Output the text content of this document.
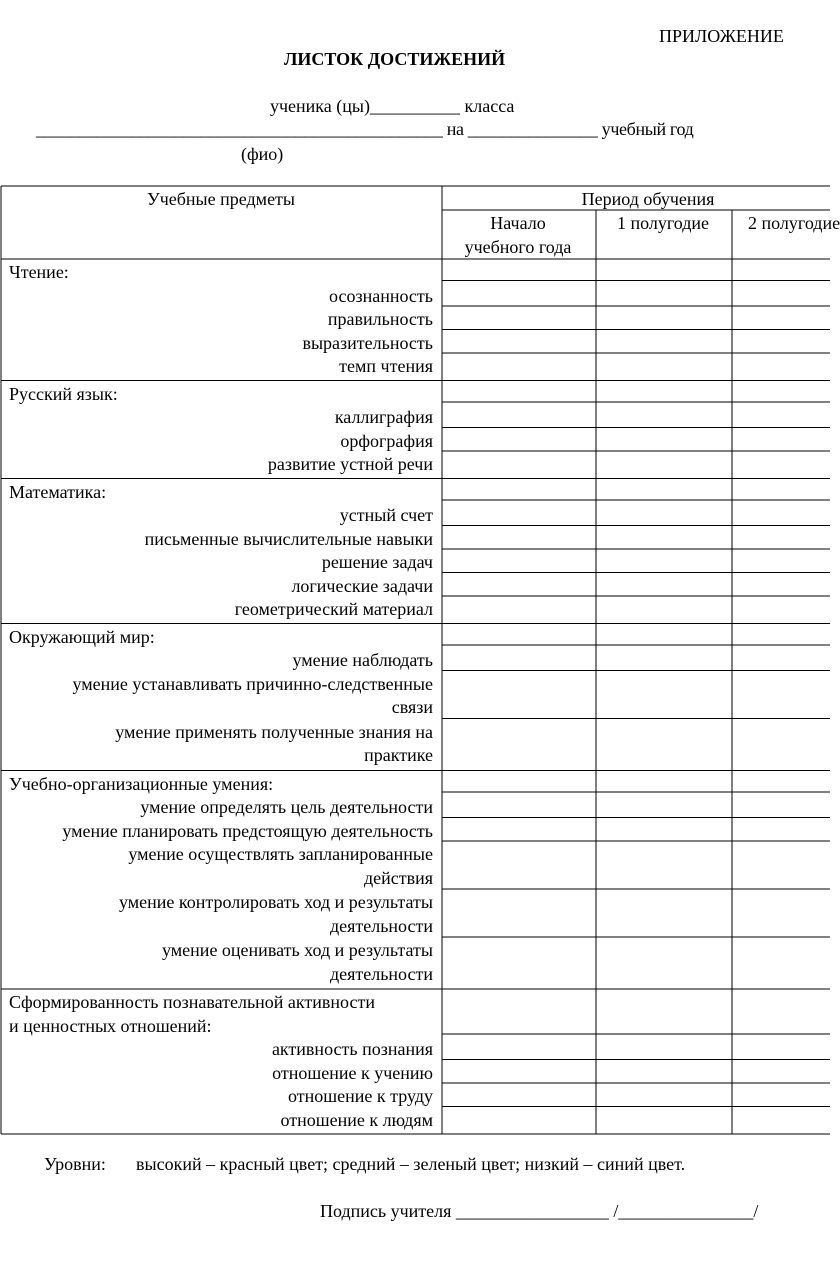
ПРИЛОЖЕНИЕ
ЛИСТОК ДОСТИЖЕНИЙ
ученика (цы)__________ класса
_______________________________________________ на _______________ учебный год
(фио)
Учебные предметы	Период обучения
Начало
учебного года
1 полугодие 2 полугодие
Чтение:
осознанность
правильность
выразительность
темп чтения
Русский язык:
каллиграфия
орфография
развитие устной речи
Математика:
устный счет
письменные вычислительные навыки
решение задач
логические задачи
геометрический материал
Окружающий мир:
умение наблюдать
умение устанавливать причинно-следственные
связи
умение применять полученные знания на
практике
Учебно-организационные умения:
умение определять цель деятельности
умение планировать предстоящую деятельность
умение осуществлять запланированные
действия
умение контролировать ход и результаты
деятельности
умение оценивать ход и результаты
деятельности
Сформированность познавательной активности
и ценностных отношений:
активность познания
отношение к учению
отношение к труду
отношение к людям
Уровни: высокий – красный цвет; средний – зеленый цвет; низкий – синий цвет.
Подпись учителя _________________ /_______________/
